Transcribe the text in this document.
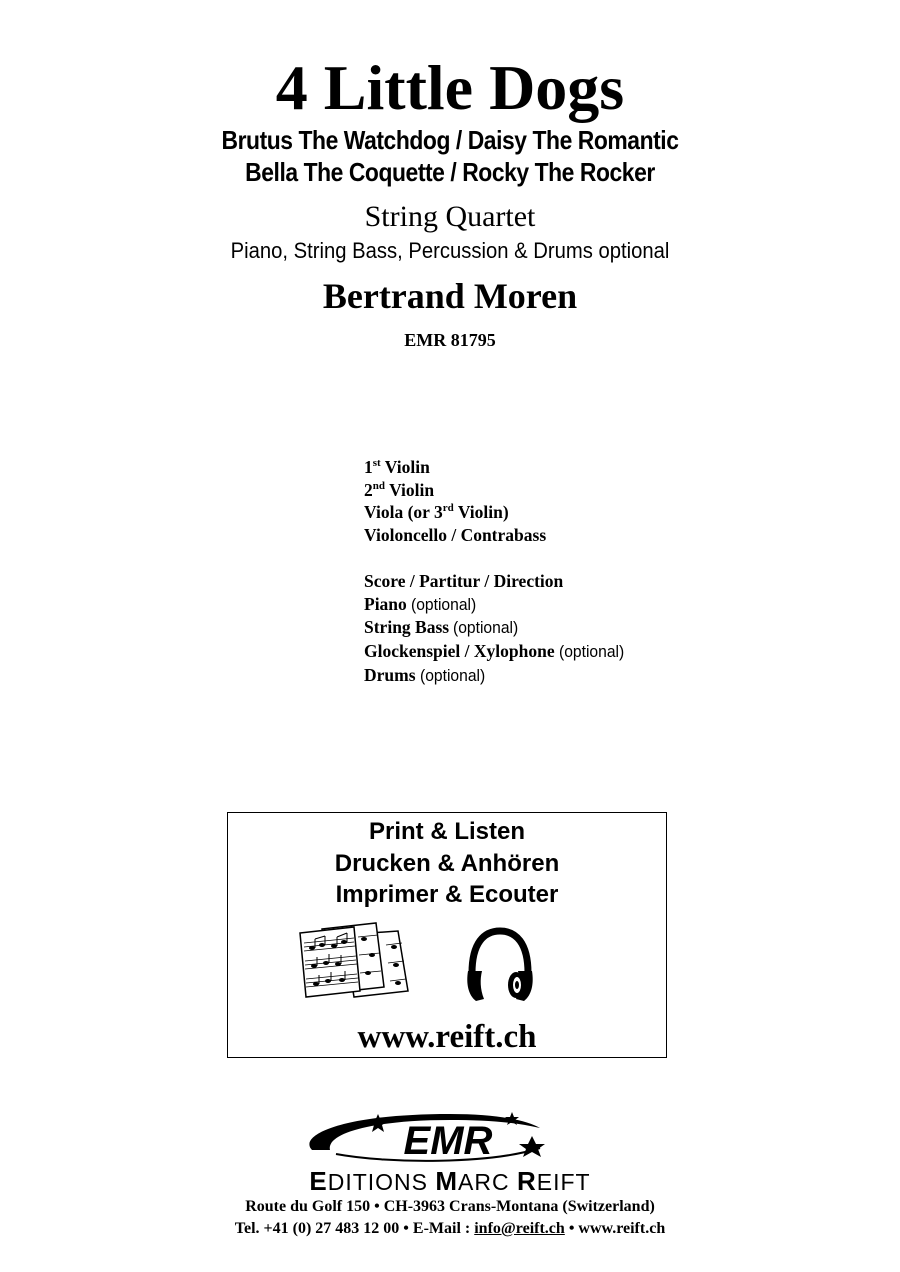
4 Little Dogs
Brutus The Watchdog / Daisy The Romantic
Bella The Coquette / Rocky The Rocker
String Quartet
Piano, String Bass, Percussion & Drums optional
Bertrand Moren
EMR 81795
1st Violin
2nd Violin
Viola (or 3rd Violin)
Violoncello / Contrabass
Score / Partitur / Direction
Piano (optional)
String Bass (optional)
Glockenspiel / Xylophone (optional)
Drums (optional)
Print & Listen
Drucken & Anhören
Imprimer & Ecouter
www.reift.ch
EMR
EDITIONS MARC REIFT
Route du Golf 150 • CH-3963 Crans-Montana (Switzerland)
Tel. +41 (0) 27 483 12 00 • E-Mail : info@reift.ch • www.reift.ch
